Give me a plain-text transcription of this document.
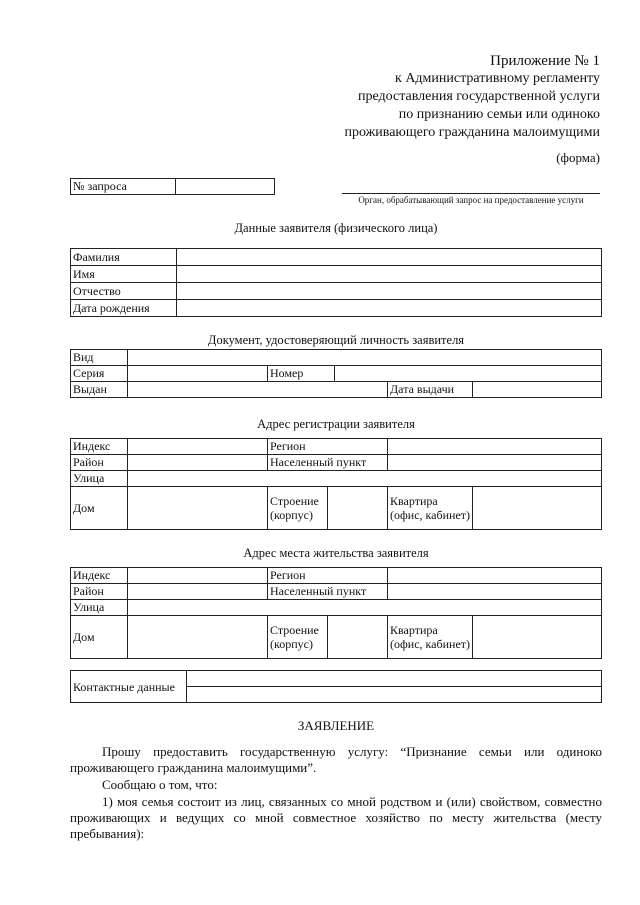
Приложение № 1
к Административному регламенту
предоставления государственной услуги
по признанию семьи или одиноко
проживающего гражданина малоимущими
(форма)
№ запроса	
Орган, обрабатывающий запрос на предоставление услуги
Данные заявителя (физического лица)
Фамилия	
Имя	
Отчество	
Дата рождения	
Документ, удостоверяющий личность заявителя
Вид					
Серия		Номер			
Выдан				Дата выдачи	
Адрес регистрации заявителя
Индекс		Регион			
Район		Населенный пункт			
Улица					
Дом		Строение (корпус)		Квартира (офис, кабинет)	
Адрес места жительства заявителя
Индекс		Регион			
Район		Населенный пункт			
Улица					
Дом		Строение (корпус)		Квартира (офис, кабинет)	
Контактные данные	

ЗАЯВЛЕНИЕ
Прошу предоставить государственную услугу: “Признание семьи или одиноко проживающего гражданина малоимущими”.
Сообщаю о том, что:
1) моя семья состоит из лиц, связанных со мной родством и (или) свойством, совместно проживающих и ведущих со мной совместное хозяйство по месту жительства (месту пребывания):
